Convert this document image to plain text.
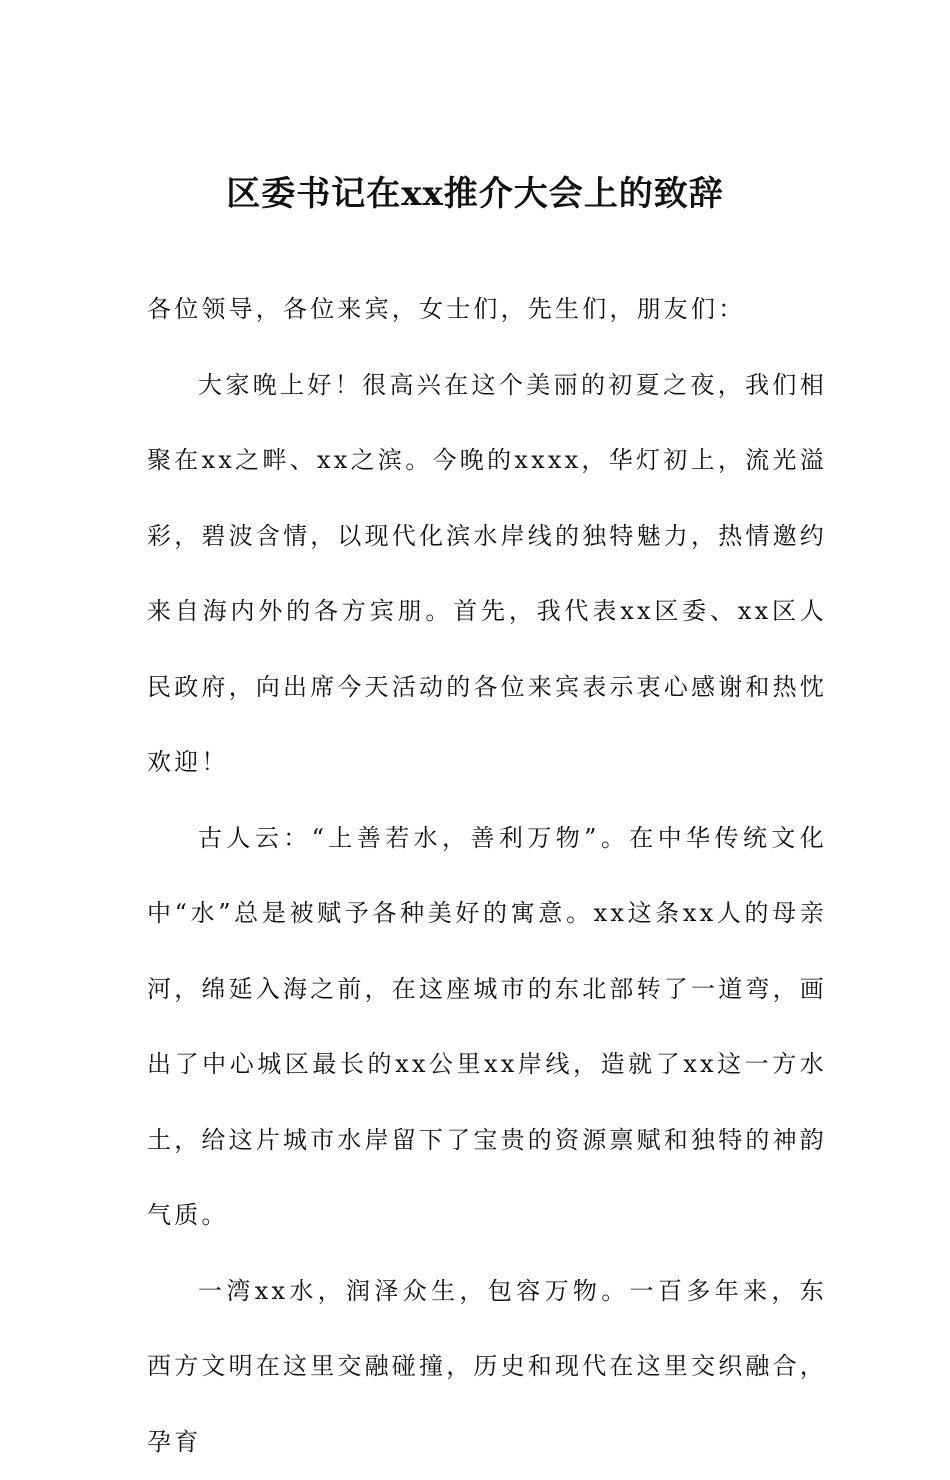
区委书记在xx推介大会上的致辞

各位领导，各位来宾，女士们，先生们，朋友们：

大家晚上好！很高兴在这个美丽的初夏之夜，我们相聚在xx之畔、xx之滨。今晚的xxxx，华灯初上，流光溢彩，碧波含情，以现代化滨水岸线的独特魅力，热情邀约来自海内外的各方宾朋。首先，我代表xx区委、xx区人民政府，向出席今天活动的各位来宾表示衷心感谢和热忱欢迎！

古人云：“上善若水，善利万物”。在中华传统文化中“水”总是被赋予各种美好的寓意。xx这条xx人的母亲河，绵延入海之前，在这座城市的东北部转了一道弯，画出了中心城区最长的xx公里xx岸线，造就了xx这一方水土，给这片城市水岸留下了宝贵的资源禀赋和独特的神韵气质。

一湾xx水，润泽众生，包容万物。一百多年来，东西方文明在这里交融碰撞，历史和现代在这里交织融合，孕育
